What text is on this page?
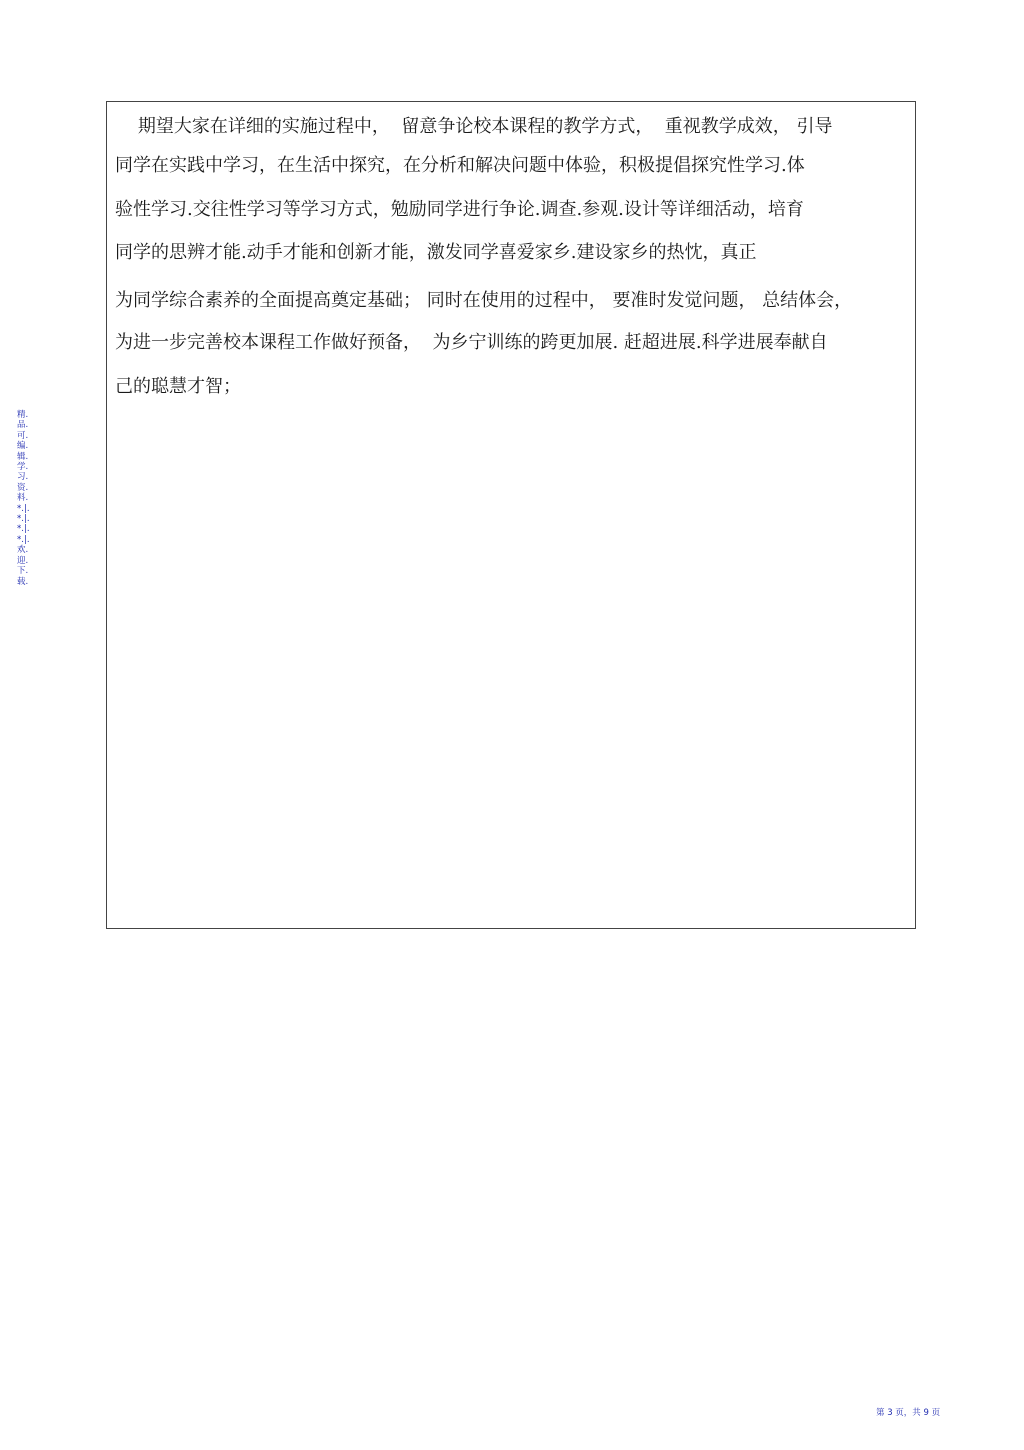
期望大家在详细的实施过程中，  留意争论校本课程的教学方式，  重视教学成效， 引导
同学在实践中学习，在生活中探究，在分析和解决问题中体验，积极提倡探究性学习.体
验性学习.交往性学习等学习方式，勉励同学进行争论.调查.参观.设计等详细活动，培育
同学的思辨才能.动手才能和创新才能，激发同学喜爱家乡.建设家乡的热忱，真正
为同学综合素养的全面提高奠定基础； 同时在使用的过程中， 要准时发觉问题， 总结体会，
为进一步完善校本课程工作做好预备，  为乡宁训练的跨更加展. 赶超进展.科学进展奉献自
己的聪慧才智；
精.品.可.编.辑.学.习.资.料.*.|.*.|.*.|.*.|.欢.迎.下.载.
第 3 页，共 9 页
